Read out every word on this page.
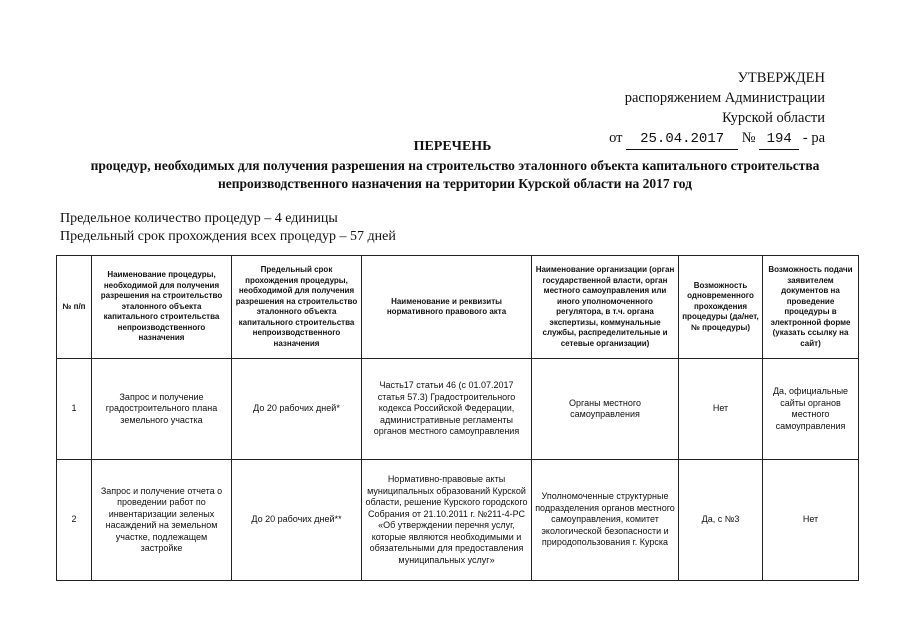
УТВЕРЖДЕН
распоряжением Администрации
Курской области
от 25.04.2017 № 194 - ра
ПЕРЕЧЕНЬ
процедур, необходимых для получения разрешения на строительство эталонного объекта капитального строительства непроизводственного назначения на территории Курской области на 2017 год
Предельное количество процедур – 4 единицы
Предельный срок прохождения всех процедур – 57 дней
№ п/п	Наименование процедуры, необходимой для получения разрешения на строительство эталонного объекта капитального строительства непроизводственного назначения	Предельный срок прохождения процедуры, необходимой для получения разрешения на строительство эталонного объекта капитального строительства непроизводственного назначения	Наименование и реквизиты нормативного правового акта	Наименование организации (орган государственной власти, орган местного самоуправления или иного уполномоченного регулятора, в т.ч. органа экспертизы, коммунальные службы, распределительные и сетевые организации)	Возможность одновременного прохождения процедуры (да/нет, № процедуры)	Возможность подачи заявителем документов на проведение процедуры в электронной форме (указать ссылку на сайт)
1	Запрос и получение градостроительного плана земельного участка	До 20 рабочих дней*	Часть17 статьи 46 (с 01.07.2017 статья 57.3) Градостроительного кодекса Российской Федерации, административные регламенты органов местного самоуправления	Органы местного самоуправления	Нет	Да, официальные сайты органов местного самоуправления
2	Запрос и получение отчета о проведении работ по инвентаризации зеленых насаждений на земельном участке, подлежащем застройке	До 20 рабочих дней**	Нормативно-правовые акты муниципальных образований Курской области, решение Курского городского Собрания от 21.10.2011 г. №211-4-РС «Об утверждении перечня услуг, которые являются необходимыми и обязательными для предоставления муниципальных услуг»	Уполномоченные структурные подразделения органов местного самоуправления, комитет экологической безопасности и природопользования г. Курска	Да, с №3	Нет
